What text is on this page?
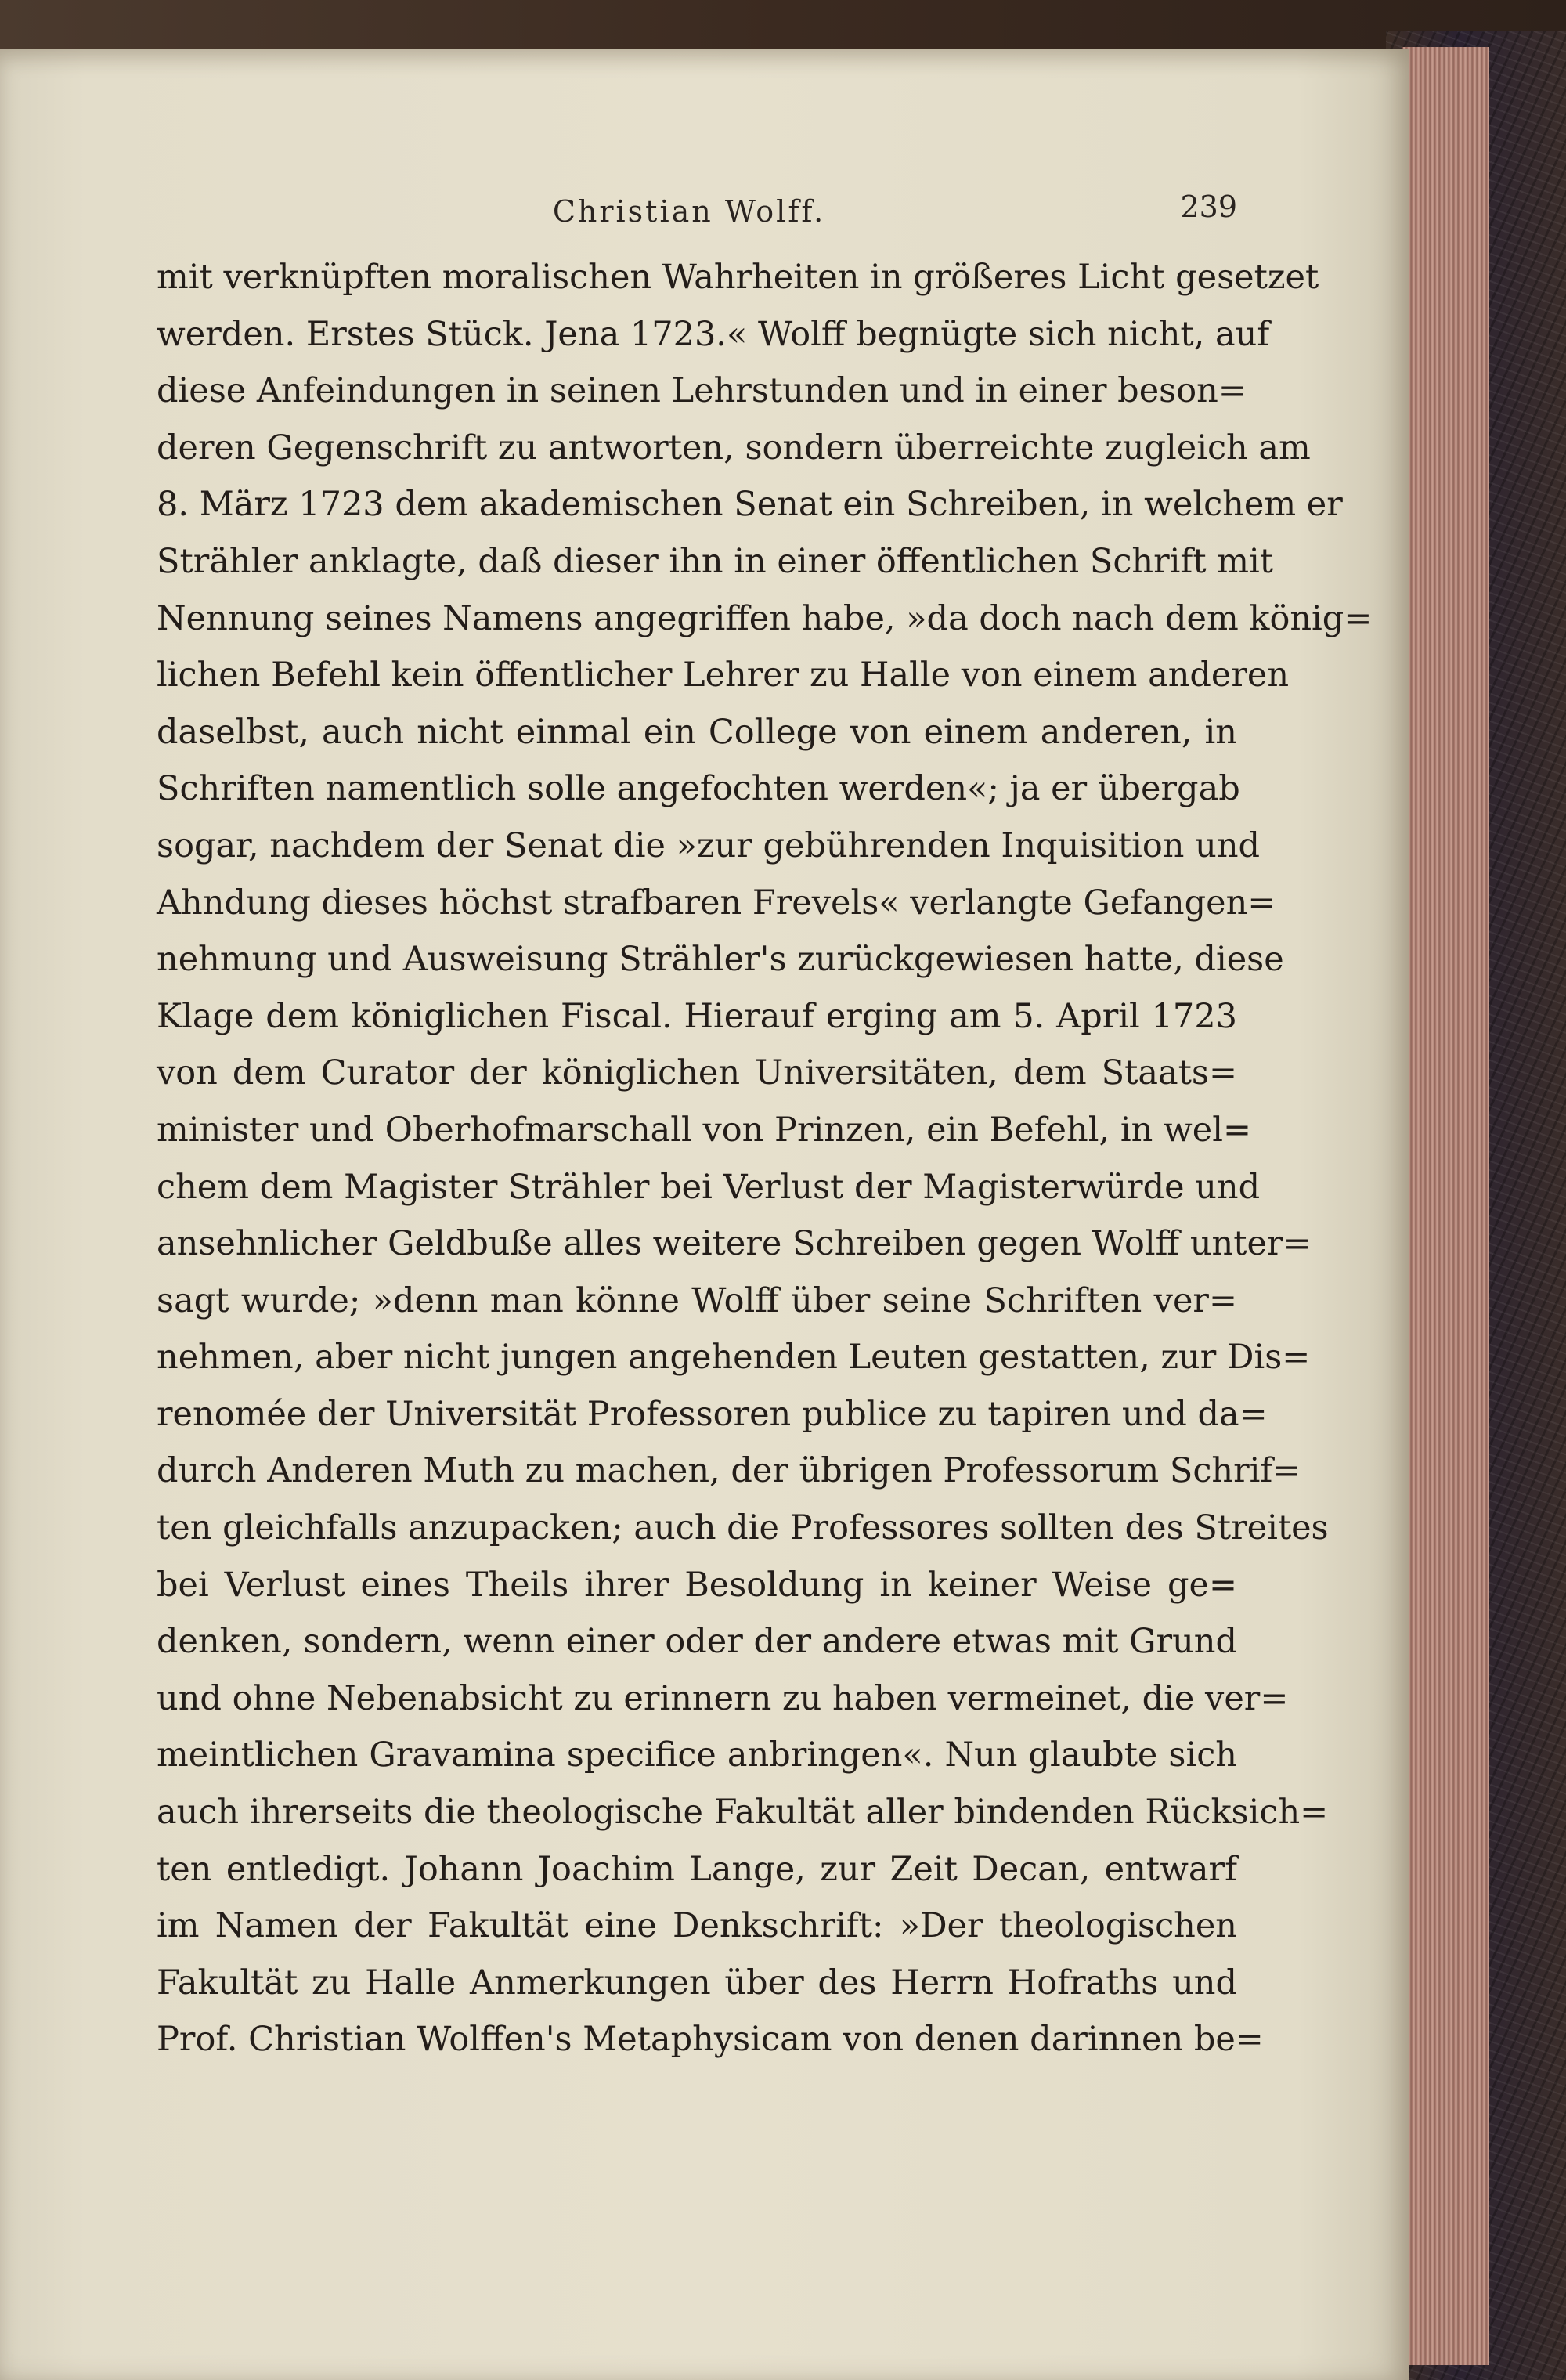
Christian Wolff.	239
mit verknüpften moralischen Wahrheiten in größeres Licht gesetzet
werden. Erstes Stück. Jena 1723.« Wolff begnügte sich nicht, auf
diese Anfeindungen in seinen Lehrstunden und in einer beson=
deren Gegenschrift zu antworten, sondern überreichte zugleich am
8. März 1723 dem akademischen Senat ein Schreiben, in welchem er
Strähler anklagte, daß dieser ihn in einer öffentlichen Schrift mit
Nennung seines Namens angegriffen habe, »da doch nach dem könig=
lichen Befehl kein öffentlicher Lehrer zu Halle von einem anderen
daselbst, auch nicht einmal ein College von einem anderen, in
Schriften namentlich solle angefochten werden«; ja er übergab
sogar, nachdem der Senat die »zur gebührenden Inquisition und
Ahndung dieses höchst strafbaren Frevels« verlangte Gefangen=
nehmung und Ausweisung Strähler's zurückgewiesen hatte, diese
Klage dem königlichen Fiscal. Hierauf erging am 5. April 1723
von dem Curator der königlichen Universitäten, dem Staats=
minister und Oberhofmarschall von Prinzen, ein Befehl, in wel=
chem dem Magister Strähler bei Verlust der Magisterwürde und
ansehnlicher Geldbuße alles weitere Schreiben gegen Wolff unter=
sagt wurde; »denn man könne Wolff über seine Schriften ver=
nehmen, aber nicht jungen angehenden Leuten gestatten, zur Dis=
renomée der Universität Professoren publice zu tapiren und da=
durch Anderen Muth zu machen, der übrigen Professorum Schrif=
ten gleichfalls anzupacken; auch die Professores sollten des Streites
bei Verlust eines Theils ihrer Besoldung in keiner Weise ge=
denken, sondern, wenn einer oder der andere etwas mit Grund
und ohne Nebenabsicht zu erinnern zu haben vermeinet, die ver=
meintlichen Gravamina specifice anbringen«. Nun glaubte sich
auch ihrerseits die theologische Fakultät aller bindenden Rücksich=
ten entledigt. Johann Joachim Lange, zur Zeit Decan, entwarf
im Namen der Fakultät eine Denkschrift: »Der theologischen
Fakultät zu Halle Anmerkungen über des Herrn Hofraths und
Prof. Christian Wolffen's Metaphysicam von denen darinnen be=
